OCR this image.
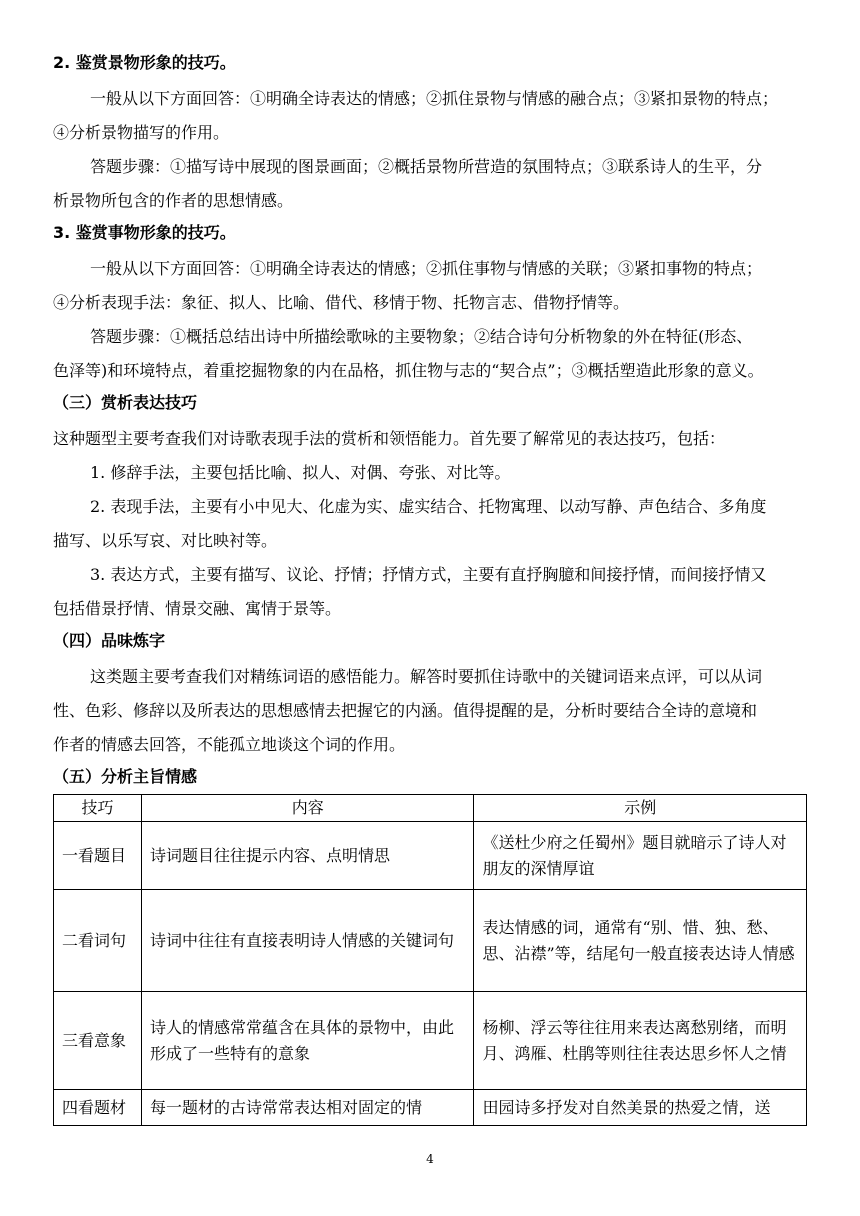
2. 鉴赏景物形象的技巧。
一般从以下方面回答：①明确全诗表达的情感；②抓住景物与情感的融合点；③紧扣景物的特点；
④分析景物描写的作用。
答题步骤：①描写诗中展现的图景画面；②概括景物所营造的氛围特点；③联系诗人的生平，分
析景物所包含的作者的思想情感。
3. 鉴赏事物形象的技巧。
一般从以下方面回答：①明确全诗表达的情感；②抓住事物与情感的关联；③紧扣事物的特点；
④分析表现手法：象征、拟人、比喻、借代、移情于物、托物言志、借物抒情等。
答题步骤：①概括总结出诗中所描绘歌咏的主要物象；②结合诗句分析物象的外在特征(形态、
色泽等)和环境特点，着重挖掘物象的内在品格，抓住物与志的“契合点”；③概括塑造此形象的意义。
（三）赏析表达技巧
这种题型主要考查我们对诗歌表现手法的赏析和领悟能力。首先要了解常见的表达技巧，包括：
1. 修辞手法，主要包括比喻、拟人、对偶、夸张、对比等。
2. 表现手法，主要有小中见大、化虚为实、虚实结合、托物寓理、以动写静、声色结合、多角度
描写、以乐写哀、对比映衬等。
3. 表达方式，主要有描写、议论、抒情；抒情方式，主要有直抒胸臆和间接抒情，而间接抒情又
包括借景抒情、情景交融、寓情于景等。
（四）品味炼字
这类题主要考查我们对精练词语的感悟能力。解答时要抓住诗歌中的关键词语来点评，可以从词
性、色彩、修辞以及所表达的思想感情去把握它的内涵。值得提醒的是，分析时要结合全诗的意境和
作者的情感去回答，不能孤立地谈这个词的作用。
（五）分析主旨情感
技巧	内容	示例
一看题目	诗词题目往往提示内容、点明情思	《送杜少府之任蜀州》题目就暗示了诗人对朋友的深情厚谊
二看词句	诗词中往往有直接表明诗人情感的关键词句	表达情感的词，通常有“别、惜、独、愁、思、沾襟”等，结尾句一般直接表达诗人情感
三看意象	诗人的情感常常蕴含在具体的景物中，由此形成了一些特有的意象	杨柳、浮云等往往用来表达离愁别绪，而明月、鸿雁、杜鹃等则往往表达思乡怀人之情
四看题材	每一题材的古诗常常表达相对固定的情	田园诗多抒发对自然美景的热爱之情，送
4
